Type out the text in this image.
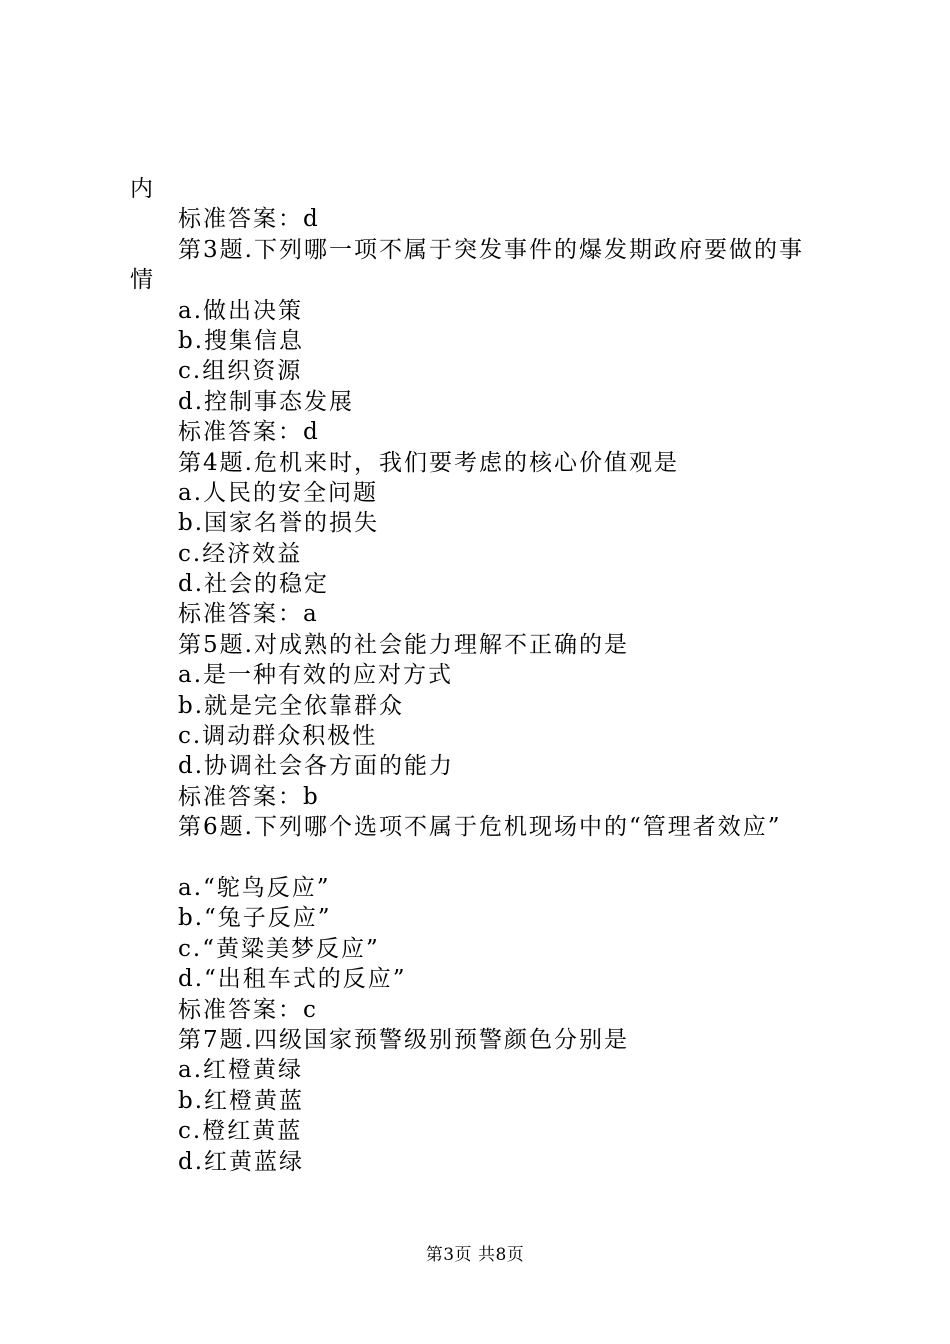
内
标准答案：d
第3题.下列哪一项不属于突发事件的爆发期政府要做的事
情
a.做出决策
b.搜集信息
c.组织资源
d.控制事态发展
标准答案：d
第4题.危机来时，我们要考虑的核心价值观是
a.人民的安全问题
b.国家名誉的损失
c.经济效益
d.社会的稳定
标准答案：a
第5题.对成熟的社会能力理解不正确的是
a.是一种有效的应对方式
b.就是完全依靠群众
c.调动群众积极性
d.协调社会各方面的能力
标准答案：b
第6题.下列哪个选项不属于危机现场中的“管理者效应”
a.“鸵鸟反应”
b.“兔子反应”
c.“黄粱美梦反应”
d.“出租车式的反应”
标准答案：c
第7题.四级国家预警级别预警颜色分别是
a.红橙黄绿
b.红橙黄蓝
c.橙红黄蓝
d.红黄蓝绿
第3页 共8页
